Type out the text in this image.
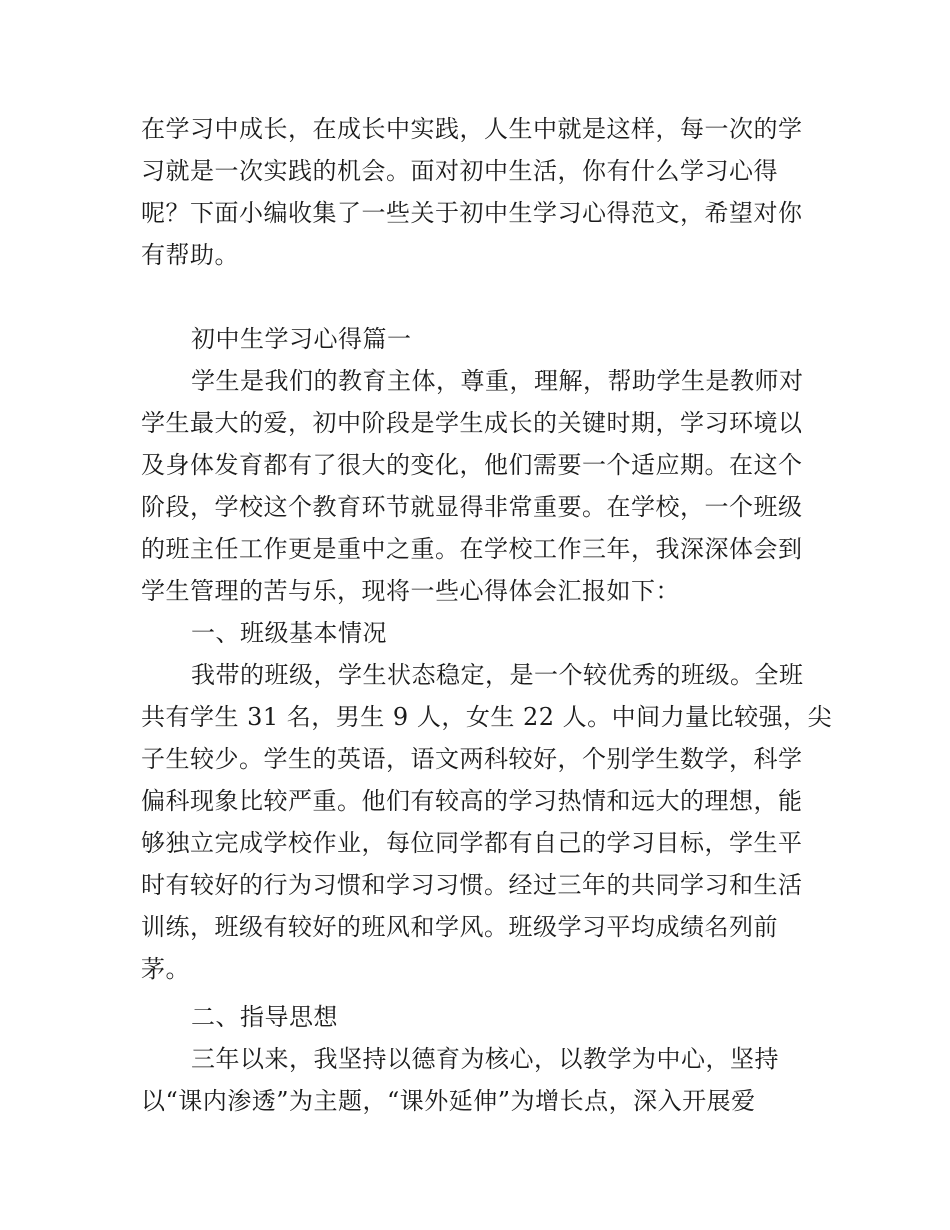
在学习中成长，在成长中实践，人生中就是这样，每一次的学
习就是一次实践的机会。面对初中生活，你有什么学习心得
呢？下面小编收集了一些关于初中生学习心得范文，希望对你
有帮助。
初中生学习心得篇一
学生是我们的教育主体，尊重，理解，帮助学生是教师对
学生最大的爱，初中阶段是学生成长的关键时期，学习环境以
及身体发育都有了很大的变化，他们需要一个适应期。在这个
阶段，学校这个教育环节就显得非常重要。在学校，一个班级
的班主任工作更是重中之重。在学校工作三年，我深深体会到
学生管理的苦与乐，现将一些心得体会汇报如下：
一、班级基本情况
我带的班级，学生状态稳定，是一个较优秀的班级。全班
共有学生 31 名，男生 9 人，女生 22 人。中间力量比较强，尖
子生较少。学生的英语，语文两科较好，个别学生数学，科学
偏科现象比较严重。他们有较高的学习热情和远大的理想，能
够独立完成学校作业，每位同学都有自己的学习目标，学生平
时有较好的行为习惯和学习习惯。经过三年的共同学习和生活
训练，班级有较好的班风和学风。班级学习平均成绩名列前
茅。
二、指导思想
三年以来，我坚持以德育为核心，以教学为中心，坚持
以“课内渗透”为主题，“课外延伸”为增长点，深入开展爱
